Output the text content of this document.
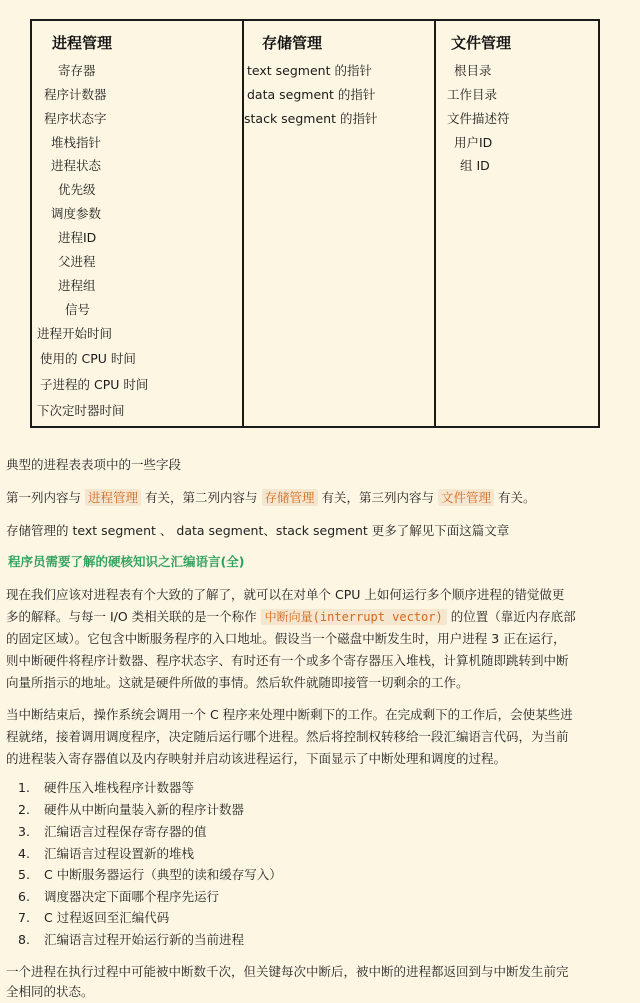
进程管理	存储管理	文件管理
寄存器
程序计数器
程序状态字
堆栈指针
进程状态
优先级
调度参数
进程ID
父进程
进程组
信号
进程开始时间
使用的 CPU 时间
子进程的 CPU 时间
下次定时器时间
text segment 的指针
data segment 的指针
stack segment 的指针
根目录
工作目录
文件描述符
用户ID
组 ID
典型的进程表表项中的一些字段
第一列内容与 进程管理 有关，第二列内容与 存储管理 有关，第三列内容与 文件管理 有关。
存储管理的 text segment 、 data segment、stack segment 更多了解见下面这篇文章
程序员需要了解的硬核知识之汇编语言(全)
现在我们应该对进程表有个大致的了解了，就可以在对单个 CPU 上如何运行多个顺序进程的错觉做更
多的解释。与每一 I/O 类相关联的是一个称作 中断向量(interrupt vector) 的位置（靠近内存底部
的固定区域）。它包含中断服务程序的入口地址。假设当一个磁盘中断发生时，用户进程 3 正在运行，
则中断硬件将程序计数器、程序状态字、有时还有一个或多个寄存器压入堆栈，计算机随即跳转到中断
向量所指示的地址。这就是硬件所做的事情。然后软件就随即接管一切剩余的工作。
当中断结束后，操作系统会调用一个 C 程序来处理中断剩下的工作。在完成剩下的工作后，会使某些进
程就绪，接着调用调度程序，决定随后运行哪个进程。然后将控制权转移给一段汇编语言代码，为当前
的进程装入寄存器值以及内存映射并启动该进程运行，下面显示了中断处理和调度的过程。
1. 硬件压入堆栈程序计数器等
2. 硬件从中断向量装入新的程序计数器
3. 汇编语言过程保存寄存器的值
4. 汇编语言过程设置新的堆栈
5. C 中断服务器运行（典型的读和缓存写入）
6. 调度器决定下面哪个程序先运行
7. C 过程返回至汇编代码
8. 汇编语言过程开始运行新的当前进程
一个进程在执行过程中可能被中断数千次，但关键每次中断后，被中断的进程都返回到与中断发生前完
全相同的状态。
